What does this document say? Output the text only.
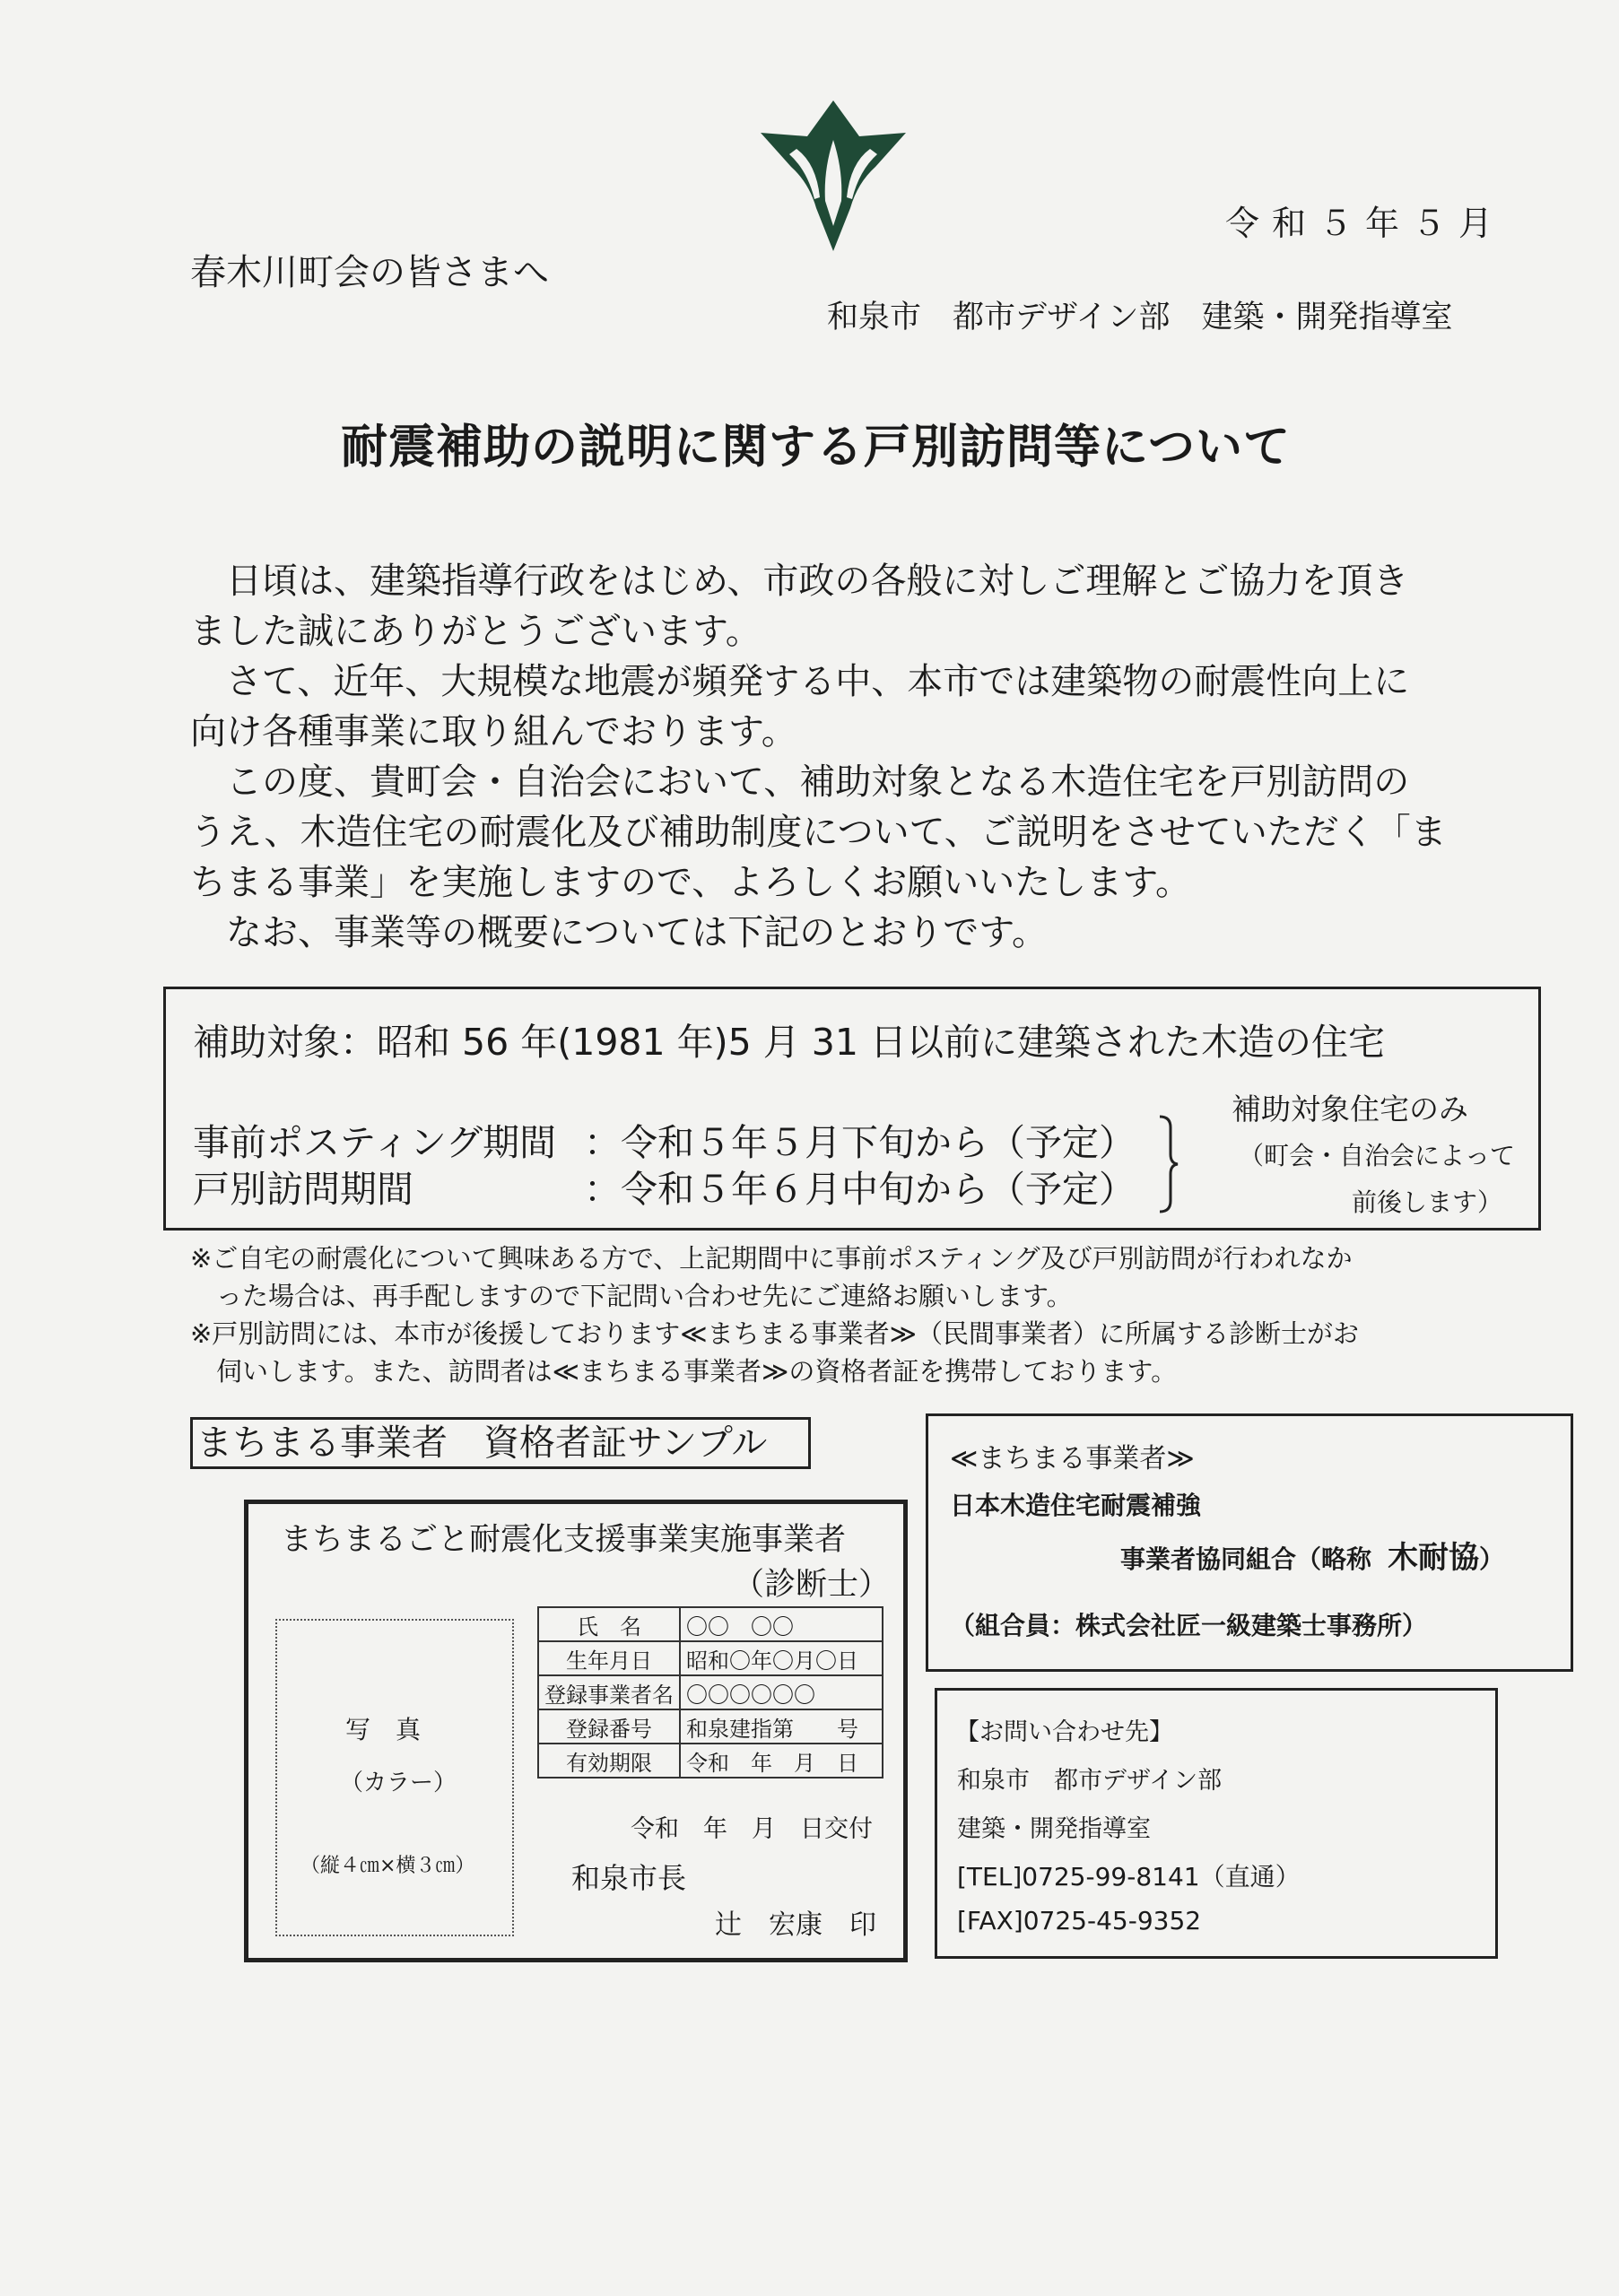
令和５年５月
春木川町会の皆さまへ
和泉市　都市デザイン部　建築・開発指導室
耐震補助の説明に関する戸別訪問等について

　日頃は、建築指導行政をはじめ、市政の各般に対しご理解とご協力を頂き

ました誠にありがとうございます。

　さて、近年、大規模な地震が頻発する中、本市では建築物の耐震性向上に

向け各種事業に取り組んでおります。

　この度、貴町会・自治会において、補助対象となる木造住宅を戸別訪問の

うえ、木造住宅の耐震化及び補助制度について、ご説明をさせていただく「ま

ちまる事業」を実施しますので、よろしくお願いいたします。

　なお、事業等の概要については下記のとおりです。

補助対象：昭和 56 年(1981 年)5 月 31 日以前に建築された木造の住宅
事前ポスティング期間 ：令和５年５月下旬から（予定）
戸別訪問期間	：令和５年６月中旬から（予定）
補助対象住宅のみ
（町会・自治会によって
前後します）
※ご自宅の耐震化について興味ある方で、上記期間中に事前ポスティング及び戸別訪問が行われなか
　った場合は、再手配しますので下記問い合わせ先にご連絡お願いします。
※戸別訪問には、本市が後援しております≪まちまる事業者≫（民間事業者）に所属する診断士がお
　伺いします。また、訪問者は≪まちまる事業者≫の資格者証を携帯しております。
まちまる事業者　資格者証サンプル
まちまるごと耐震化支援事業実施事業者
（診断士）
写　真
（カラー）
（縦４㎝×横３㎝）
氏　名	〇〇　〇〇
生年月日	昭和〇年〇月〇日
登録事業者名	〇〇〇〇〇〇
登録番号	和泉建指第　　号
有効期限	令和　年　月　日
令和　年　月　日交付
和泉市長
辻　宏康　印
≪まちまる事業者≫
日本木造住宅耐震補強
事業者協同組合（略称 木耐協）
（組合員：株式会社匠一級建築士事務所）
【お問い合わせ先】
和泉市　都市デザイン部
建築・開発指導室
[TEL]0725-99-8141（直通）
[FAX]0725-45-9352
